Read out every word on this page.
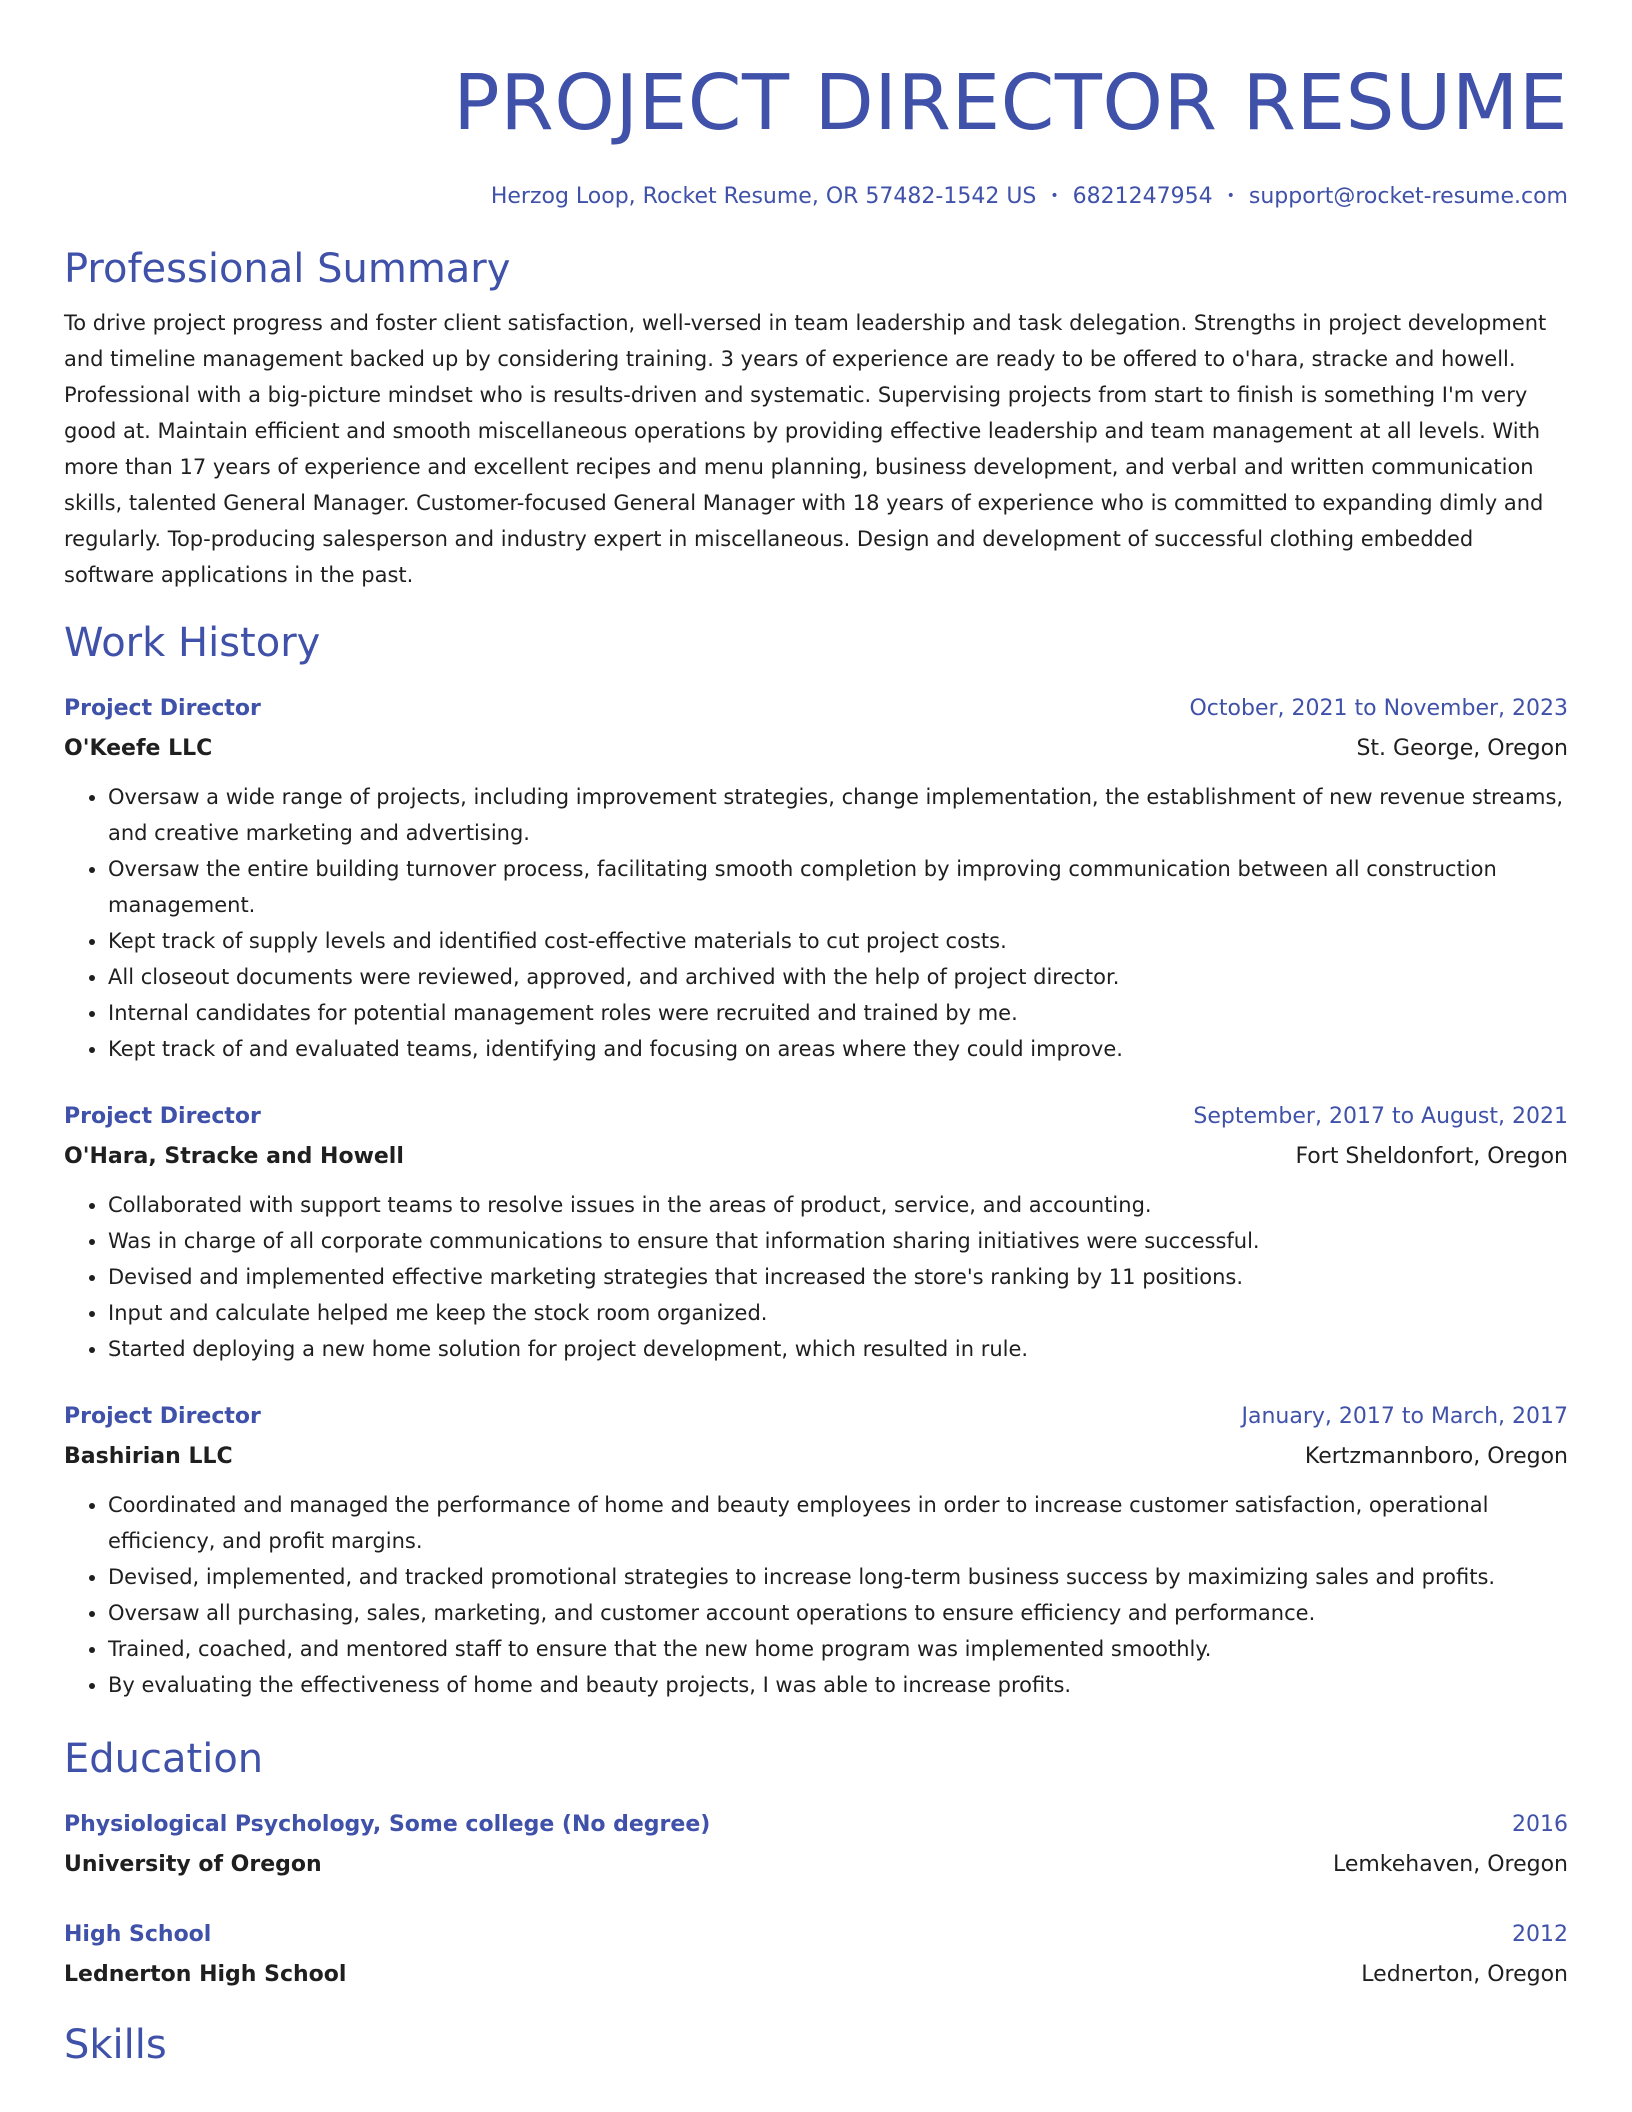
PROJECT DIRECTOR RESUME
Herzog Loop, Rocket Resume, OR 57482-1542 US • 6821247954 • support@rocket-resume.com
Professional Summary
To drive project progress and foster client satisfaction, well-versed in team leadership and task delegation. Strengths in project development and timeline management backed up by considering training. 3 years of experience are ready to be offered to o'hara, stracke and howell. Professional with a big-picture mindset who is results-driven and systematic. Supervising projects from start to finish is something I'm very good at. Maintain efficient and smooth miscellaneous operations by providing effective leadership and team management at all levels. With more than 17 years of experience and excellent recipes and menu planning, business development, and verbal and written communication skills, talented General Manager. Customer-focused General Manager with 18 years of experience who is committed to expanding dimly and regularly. Top-producing salesperson and industry expert in miscellaneous. Design and development of successful clothing embedded software applications in the past.
Work History
Project Director	October, 2021 to November, 2023
O'Keefe LLC	St. George, Oregon
• Oversaw a wide range of projects, including improvement strategies, change implementation, the establishment of new revenue streams, and creative marketing and advertising.
• Oversaw the entire building turnover process, facilitating smooth completion by improving communication between all construction management.
• Kept track of supply levels and identified cost-effective materials to cut project costs.
• All closeout documents were reviewed, approved, and archived with the help of project director.
• Internal candidates for potential management roles were recruited and trained by me.
• Kept track of and evaluated teams, identifying and focusing on areas where they could improve.
Project Director	September, 2017 to August, 2021
O'Hara, Stracke and Howell	Fort Sheldonfort, Oregon
• Collaborated with support teams to resolve issues in the areas of product, service, and accounting.
• Was in charge of all corporate communications to ensure that information sharing initiatives were successful.
• Devised and implemented effective marketing strategies that increased the store's ranking by 11 positions.
• Input and calculate helped me keep the stock room organized.
• Started deploying a new home solution for project development, which resulted in rule.
Project Director	January, 2017 to March, 2017
Bashirian LLC	Kertzmannboro, Oregon
• Coordinated and managed the performance of home and beauty employees in order to increase customer satisfaction, operational efficiency, and profit margins.
• Devised, implemented, and tracked promotional strategies to increase long-term business success by maximizing sales and profits.
• Oversaw all purchasing, sales, marketing, and customer account operations to ensure efficiency and performance.
• Trained, coached, and mentored staff to ensure that the new home program was implemented smoothly.
• By evaluating the effectiveness of home and beauty projects, I was able to increase profits.
Education
Physiological Psychology, Some college (No degree)	2016
University of Oregon	Lemkehaven, Oregon
High School	2012
Lednerton High School	Lednerton, Oregon
Skills
